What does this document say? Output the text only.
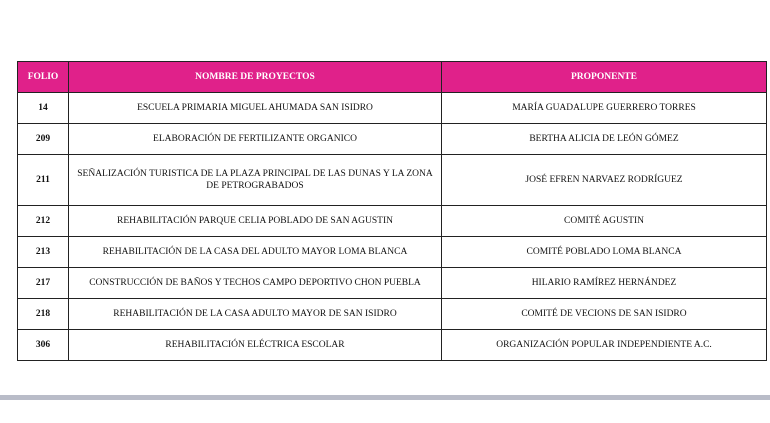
FOLIO	NOMBRE DE PROYECTOS	PROPONENTE
14	ESCUELA PRIMARIA MIGUEL AHUMADA SAN ISIDRO	MARÍA GUADALUPE GUERRERO TORRES
209	ELABORACIÓN DE FERTILIZANTE ORGANICO	BERTHA ALICIA DE LEÓN GÓMEZ
211	SEÑALIZACIÓN TURISTICA DE LA PLAZA PRINCIPAL DE LAS DUNAS Y LA ZONA DE PETROGRABADOS	JOSÉ EFREN NARVAEZ RODRÍGUEZ
212	REHABILITACIÓN PARQUE CELIA POBLADO DE SAN AGUSTIN	COMITÉ AGUSTIN
213	REHABILITACIÓN DE LA CASA DEL ADULTO MAYOR LOMA BLANCA	COMITÉ POBLADO LOMA BLANCA
217	CONSTRUCCIÓN DE BAÑOS Y TECHOS CAMPO DEPORTIVO CHON PUEBLA	HILARIO RAMÍREZ HERNÁNDEZ
218	REHABILITACIÓN DE LA CASA ADULTO MAYOR DE SAN ISIDRO	COMITÉ DE VECIONS DE SAN ISIDRO
306	REHABILITACIÓN ELÉCTRICA ESCOLAR	ORGANIZACIÓN POPULAR INDEPENDIENTE A.C.
